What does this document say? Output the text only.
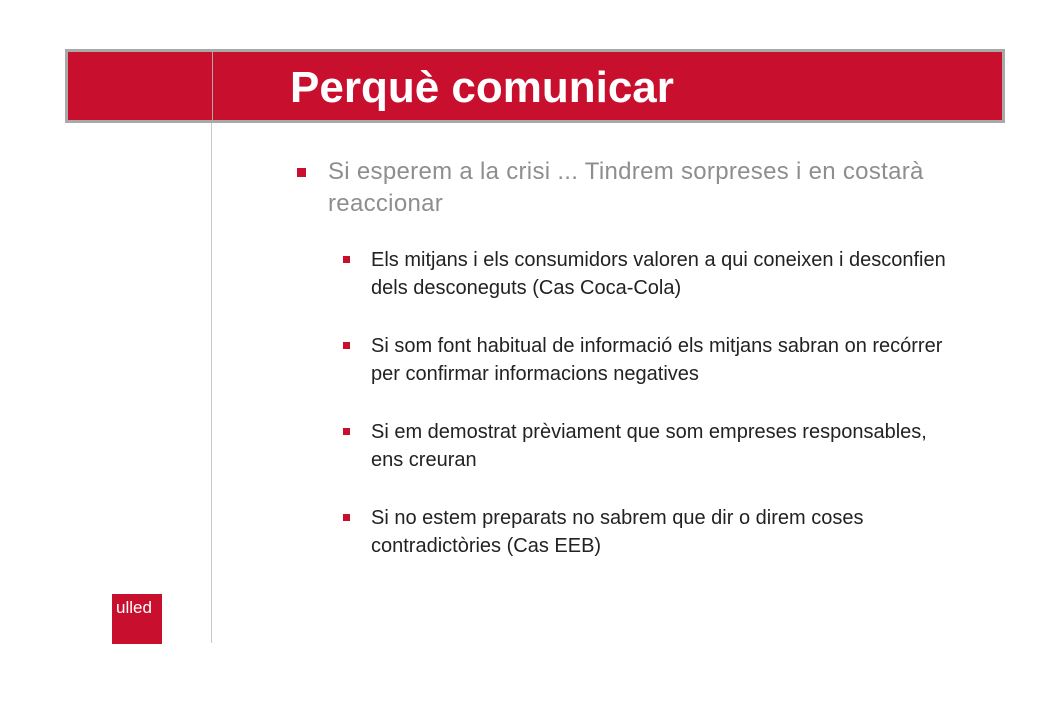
Perquè comunicar
ulled
Si esperem a la crisi ... Tindrem sorpreses i en costarà reaccionar
Els mitjans i els consumidors valoren a qui coneixen i desconfien dels desconeguts (Cas Coca-Cola)
Si som font habitual de informació els mitjans sabran on recórrer per confirmar informacions negatives
Si em demostrat prèviament que som empreses responsables, ens creuran
Si no estem preparats no sabrem que dir o direm coses contradictòries (Cas EEB)
